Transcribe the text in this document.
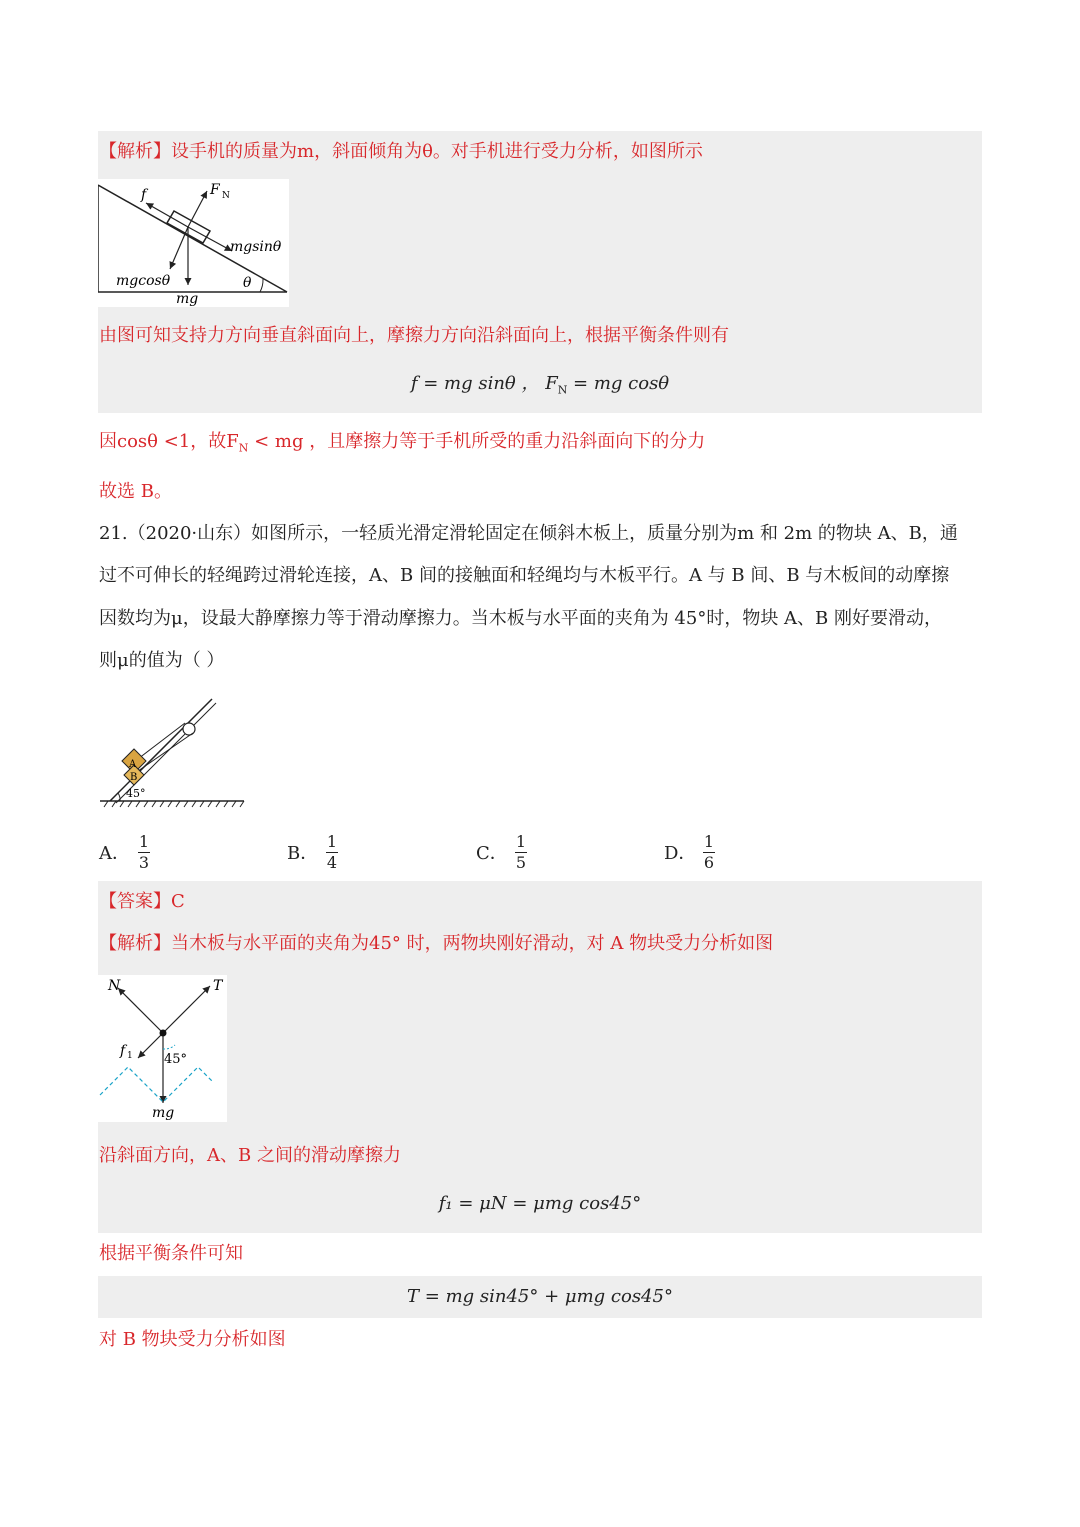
【解析】设手机的质量为m，斜面倾角为θ。对手机进行受力分析，如图所示
f	F N
mgsinθ
mgcosθ
mg
θ
由图可知支持力方向垂直斜面向上，摩擦力方向沿斜面向上，根据平衡条件则有
f = mg sinθ ， $F_N$ = mg cosθ
因cosθ <1，故$F_N$ < mg ，且摩擦力等于手机所受的重力沿斜面向下的分力
故选 B。
21.（2020·山东）如图所示，一轻质光滑定滑轮固定在倾斜木板上，质量分别为m 和 2m 的物块 A、B，通
过不可伸长的轻绳跨过滑轮连接，A、B 间的接触面和轻绳均与木板平行。A 与 B 间、B 与木板间的动摩擦
因数均为μ，设最大静摩擦力等于滑动摩擦力。当木板与水平面的夹角为 45°时，物块 A、B 刚好要滑动，
则μ的值为（ ）
A
B
45°
A．
1
3	B．
1
4	C．
1
5	D．
1
6
【答案】C
【解析】当木板与水平面的夹角为45° 时，两物块刚好滑动，对 A 物块受力分析如图
N	T
f 1 45°
mg
沿斜面方向，A、B 之间的滑动摩擦力
f₁ = μN = μmg cos45°
根据平衡条件可知
T = mg sin45° + μmg cos45°
对 B 物块受力分析如图
